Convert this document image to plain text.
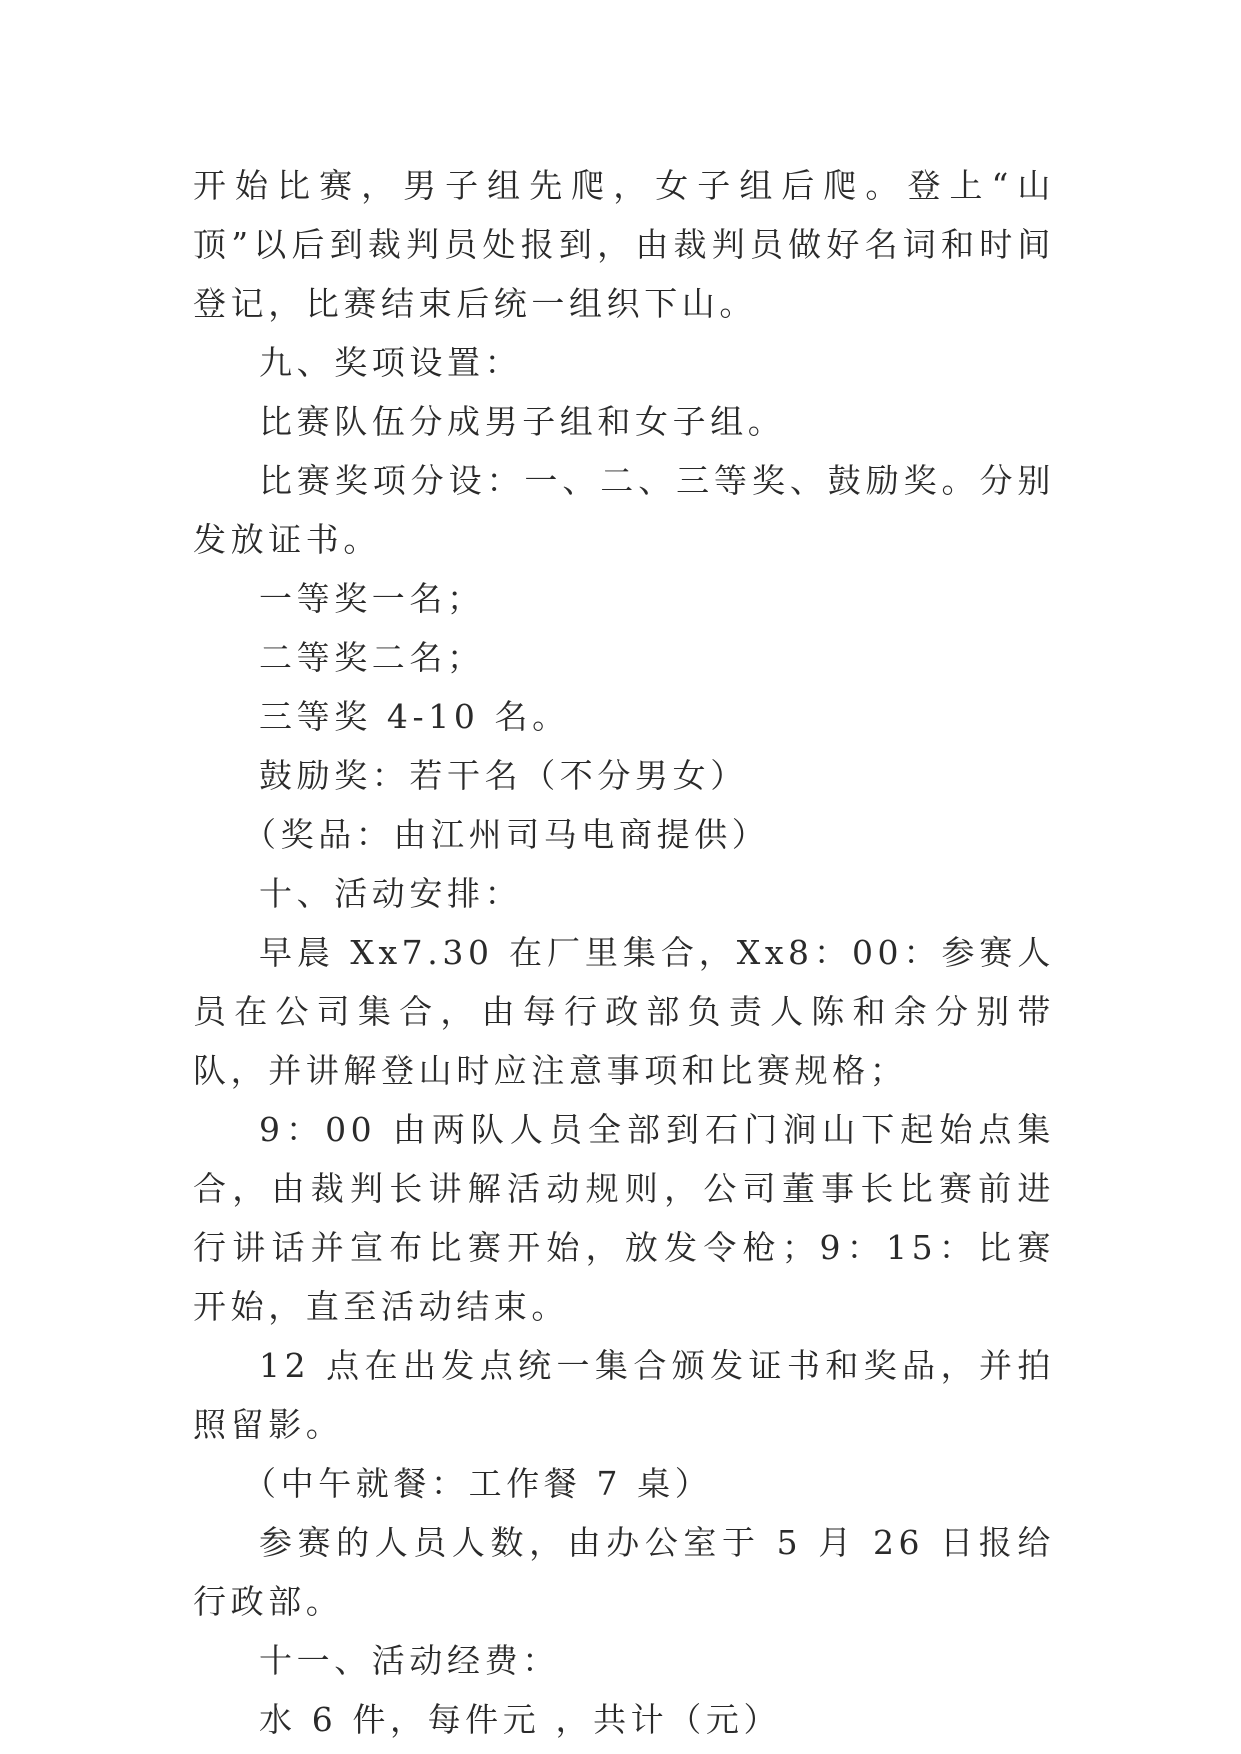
开始比赛，男子组先爬，女子组后爬。登上“山顶”以后到裁判员处报到，由裁判员做好名词和时间登记，比赛结束后统一组织下山。

九、奖项设置：

比赛队伍分成男子组和女子组。

比赛奖项分设：一、二、三等奖、鼓励奖。分别发放证书。

一等奖一名；

二等奖二名；

三等奖 4-10 名。

鼓励奖：若干名（不分男女）

（奖品：由江州司马电商提供）

十、活动安排：

早晨 Xx7.30 在厂里集合，Xx8：00：参赛人员在公司集合，由每行政部负责人陈和余分别带队，并讲解登山时应注意事项和比赛规格；

9：00 由两队人员全部到石门涧山下起始点集合，由裁判长讲解活动规则，公司董事长比赛前进行讲话并宣布比赛开始，放发令枪；9：15：比赛开始，直至活动结束。

12 点在出发点统一集合颁发证书和奖品，并拍照留影。

（中午就餐：工作餐 7 桌）

参赛的人员人数，由办公室于 5 月 26 日报给行政部。

十一、活动经费：

水 6 件，每件元 ，共计（元）
